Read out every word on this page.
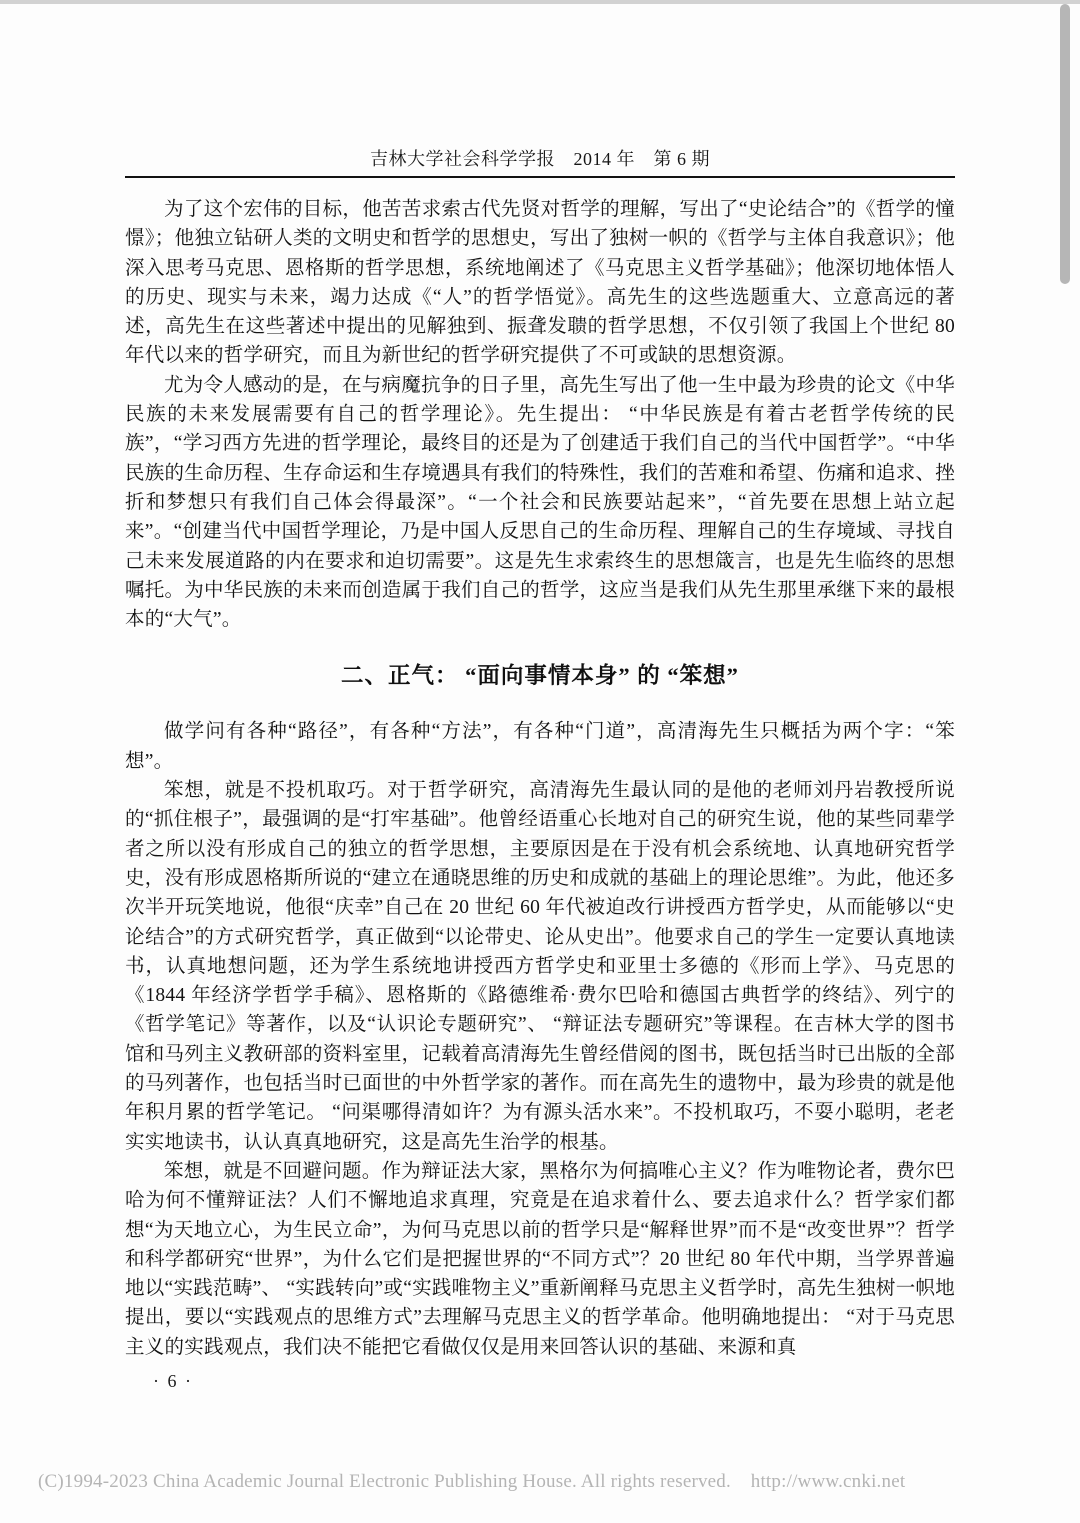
吉林大学社会科学学报　2014 年　第 6 期

为了这个宏伟的目标，他苦苦求索古代先贤对哲学的理解，写出了“史论结合”的《哲学的憧憬》；他独立钻研人类的文明史和哲学的思想史，写出了独树一帜的《哲学与主体自我意识》；他深入思考马克思、恩格斯的哲学思想，系统地阐述了《马克思主义哲学基础》；他深切地体悟人的历史、现实与未来，竭力达成《“人”的哲学悟觉》。高先生的这些选题重大、立意高远的著述，高先生在这些著述中提出的见解独到、振聋发聩的哲学思想，不仅引领了我国上个世纪 80 年代以来的哲学研究，而且为新世纪的哲学研究提供了不可或缺的思想资源。

尤为令人感动的是，在与病魔抗争的日子里，高先生写出了他一生中最为珍贵的论文《中华民族的未来发展需要有自己的哲学理论》。先生提出： “中华民族是有着古老哲学传统的民族”，“学习西方先进的哲学理论，最终目的还是为了创建适于我们自己的当代中国哲学”。“中华民族的生命历程、生存命运和生存境遇具有我们的特殊性，我们的苦难和希望、伤痛和追求、挫折和梦想只有我们自己体会得最深”。“一个社会和民族要站起来”，“首先要在思想上站立起来”。“创建当代中国哲学理论，乃是中国人反思自己的生命历程、理解自己的生存境域、寻找自己未来发展道路的内在要求和迫切需要”。这是先生求索终生的思想箴言，也是先生临终的思想嘱托。为中华民族的未来而创造属于我们自己的哲学，这应当是我们从先生那里承继下来的最根本的“大气”。

二、正气： “面向事情本身” 的 “笨想”

做学问有各种“路径”，有各种“方法”，有各种“门道”，高清海先生只概括为两个字：“笨想”。

笨想，就是不投机取巧。对于哲学研究，高清海先生最认同的是他的老师刘丹岩教授所说的“抓住根子”，最强调的是“打牢基础”。他曾经语重心长地对自己的研究生说，他的某些同辈学者之所以没有形成自己的独立的哲学思想，主要原因是在于没有机会系统地、认真地研究哲学史，没有形成恩格斯所说的“建立在通晓思维的历史和成就的基础上的理论思维”。为此，他还多次半开玩笑地说，他很“庆幸”自己在 20 世纪 60 年代被迫改行讲授西方哲学史，从而能够以“史论结合”的方式研究哲学，真正做到“以论带史、论从史出”。他要求自己的学生一定要认真地读书，认真地想问题，还为学生系统地讲授西方哲学史和亚里士多德的《形而上学》、马克思的《1844 年经济学哲学手稿》、恩格斯的《路德维希·费尔巴哈和德国古典哲学的终结》、列宁的《哲学笔记》等著作，以及“认识论专题研究”、 “辩证法专题研究”等课程。在吉林大学的图书馆和马列主义教研部的资料室里，记载着高清海先生曾经借阅的图书，既包括当时已出版的全部的马列著作，也包括当时已面世的中外哲学家的著作。而在高先生的遗物中，最为珍贵的就是他年积月累的哲学笔记。 “问渠哪得清如许？为有源头活水来”。不投机取巧，不耍小聪明，老老实实地读书，认认真真地研究，这是高先生治学的根基。

笨想，就是不回避问题。作为辩证法大家，黑格尔为何搞唯心主义？作为唯物论者，费尔巴哈为何不懂辩证法？人们不懈地追求真理，究竟是在追求着什么、要去追求什么？哲学家们都想“为天地立心，为生民立命”，为何马克思以前的哲学只是“解释世界”而不是“改变世界”？哲学和科学都研究“世界”，为什么它们是把握世界的“不同方式”？20 世纪 80 年代中期，当学界普遍地以“实践范畴”、 “实践转向”或“实践唯物主义”重新阐释马克思主义哲学时，高先生独树一帜地提出，要以“实践观点的思维方式”去理解马克思主义的哲学革命。他明确地提出： “对于马克思主义的实践观点，我们决不能把它看做仅仅是用来回答认识的基础、来源和真

· 6 ·
(C)1994-2023 China Academic Journal Electronic Publishing House. All rights reserved.    http://www.cnki.net
